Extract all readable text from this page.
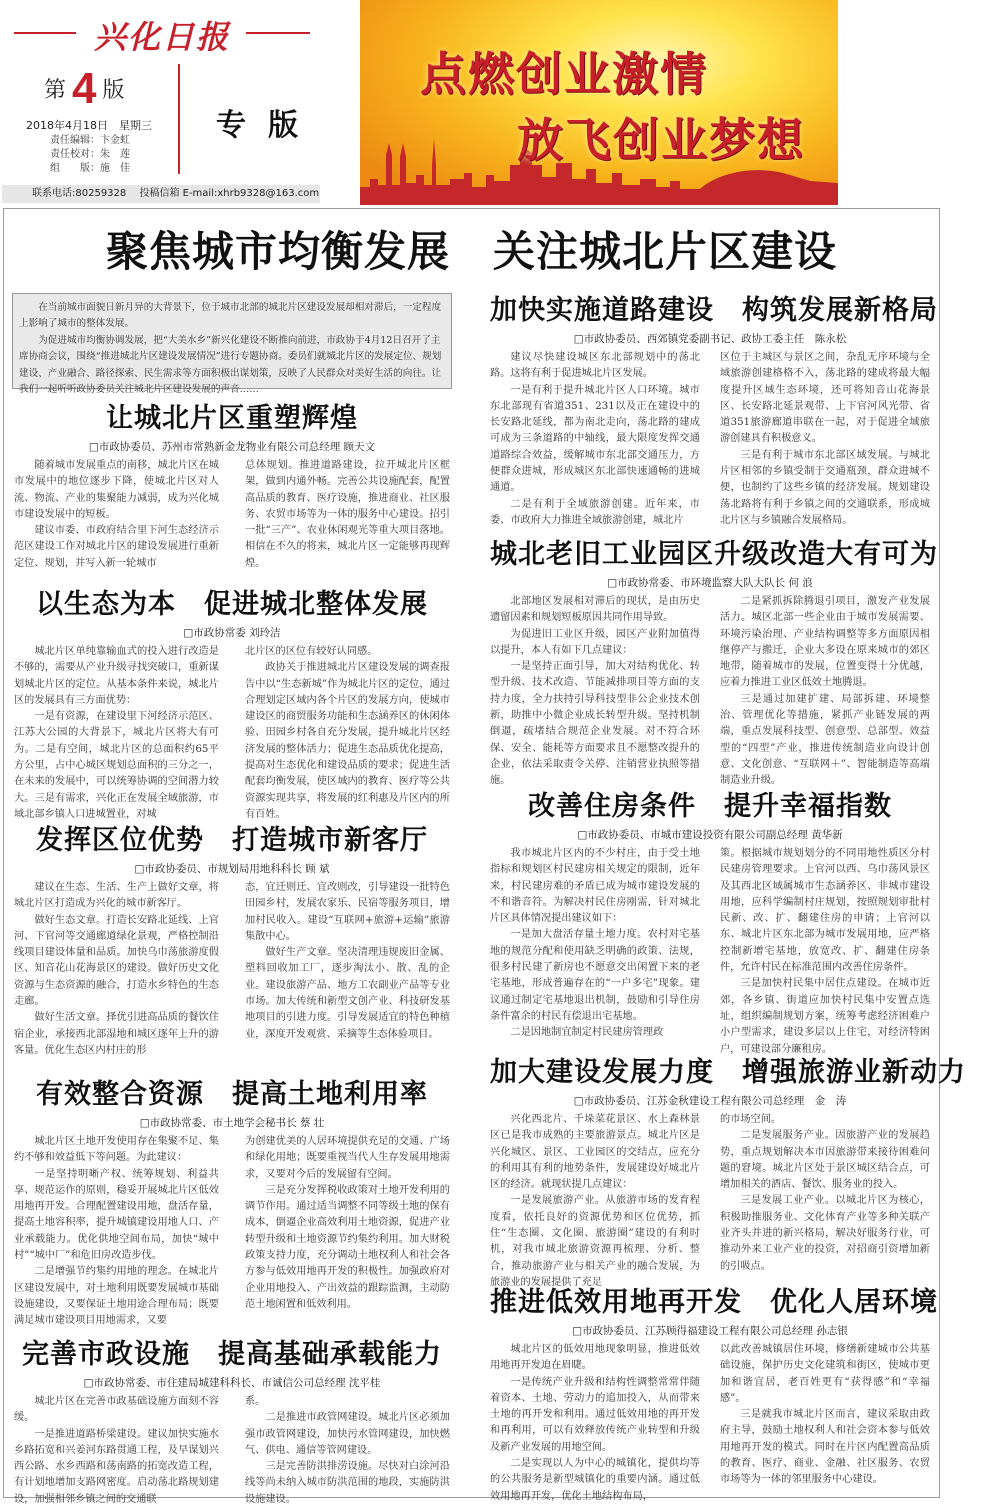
兴化日报
第 4 版
2018年4月18日　星期三
责任编辑：卞金虹
责任校对：朱　莲
组　　版：施　佳
专版
联系电话:80259328　 投稿信箱 E-mail:xhrb9328@163.com
点燃创业激情
放飞创业梦想
聚焦城市均衡发展　关注城北片区建设

在当前城市面貌日新月异的大背景下，位于城市北部的城北片区建设发展却相对滞后，一定程度上影响了城市的整体发展。

为促进城市均衡协调发展，把“大美水乡”新兴化建设不断推向前进，市政协于4月12日召开了主席协商会议，围绕“推进城北片区建设发展情况”进行专题协商。委员们就城北片区的发展定位、规划建设、产业融合、路径探索、民生需求等方面积极出谋划策，反映了人民群众对美好生活的向往。让我们一起听听政协委员关注城北片区建设发展的声音……

让城北片区重塑辉煌
□市政协委员、苏州市常熟新金龙物业有限公司总经理 顾天文

随着城市发展重点的南移，城北片区在城市发展中的地位逐步下降，使城北片区对人流、物流、产业的集聚能力减弱，成为兴化城市建设发展中的短板。

建议市委、市政府结合里下河生态经济示范区建设工作对城北片区的建设发展进行重新定位、规划，并写入新一轮城市

总体规划。推进道路建设，拉开城北片区框架，做到内通外畅。完善公共设施配套，配置高品质的教育、医疗设施，推进商业、社区服务、农贸市场等为一体的服务中心建设。招引一批“三产”、农业休闲观光等重大项目落地。相信在不久的将来，城北片区一定能够再现辉煌。

以生态为本　促进城北整体发展
□市政协常委 刘玲洁

城北片区单纯靠输血式的投入进行改造是不够的，需要从产业升级寻找突破口，重新谋划城北片区的定位。从基本条件来说，城北片区的发展具有三方面优势：

一是有资源，在建设里下河经济示范区、江苏大公园的大背景下，城北片区将大有可为。二是有空间，城北片区的总面积约65平方公里，占中心城区规划总面积的三分之一，在未来的发展中，可以统筹协调的空间潜力较大。三是有需求，兴化正在发展全域旅游，市域北部乡镇人口进城置业，对城

北片区的区位有较好认同感。

政协关于推进城北片区建设发展的调查报告中以“生态新城”作为城北片区的定位，通过合理划定区域内各个片区的发展方向，使城市建设区的商贸服务功能和生态涵养区的休闲体验、田园乡村各自充分发展，提升城北片区经济发展的整体活力；促进生态品质优化提高，提高对生态优化和建设品质的要求；促进生活配套均衡发展，使区域内的教育、医疗等公共资源实现共享，将发展的红利惠及片区内的所有百姓。

发挥区位优势　打造城市新客厅
□市政协委员、市规划局用地科科长 顾 斌

建议在生态、生活、生产上做好文章，将城北片区打造成为兴化的城市新客厅。

做好生态文章。打造长安路北延线、上官河、下官河等交通廊道绿化景观，严格控制沿线项目建设体量和品质。加快乌巾荡旅游度假区、知音花山花海景区的建设。做好历史文化资源与生态资源的融合，打造水乡特色的生态走廊。

做好生活文章。择优引进高品质的餐饮住宿企业，承接西北部湿地和城区逐年上升的游客量。优化生态区内村庄的形

态，宜迁则迁、宜改则改，引导建设一批特色田园乡村，发展农家乐、民宿等服务项目，增加村民收入。建设“互联网+旅游+运输”旅游集散中心。

做好生产文章。坚决清理违规废旧金属、塑料回收加工厂，逐步淘汰小、散、乱的企业。建设旅游产品、地方工农副业产品等专业市场。加大传统和新型文创产业、科技研发基地项目的引进力度。引导发展适宜的特色种植业，深度开发观赏、采摘等生态体验项目。

有效整合资源　提高土地利用率
□市政协常委、市土地学会秘书长 蔡 壮

城北片区土地开发使用存在集聚不足、集约不够和效益低下等问题。为此建议：

一是坚持明晰产权、统筹规划、利益共享、规范运作的原则，稳妥开展城北片区低效用地再开发。合理配置建设用地，盘活存量，提高土地容积率，提升城镇建设用地人口、产业承载能力。优化供地空间布局，加快“城中村”“城中厂”和危旧房改造步伐。

二是增强节约集约用地的理念。在城北片区建设发展中，对土地利用既要发展城市基础设施建设，又要保证土地用途合理布局；既要满足城市建设项目用地需求，又要

为创建优美的人居环境提供充足的交通、广场和绿化用地；既要重视当代人生存发展用地需求，又要对今后的发展留有空间。

三是充分发挥税收政策对土地开发利用的调节作用。通过适当调整不同等级土地的保有成本，倒逼企业高效利用土地资源，促进产业转型升级和土地资源节约集约利用。加大财税政策支持力度，充分调动土地权利人和社会各方参与低效用地再开发的积极性。加强政府对企业用地投入、产出效益的跟踪监测，主动防范土地闲置和低效利用。

完善市政设施　提高基础承载能力
□市政协常委、市住建局城建科科长、市诚信公司总经理 沈平桂

城北片区在完善市政基础设施方面刻不容缓。

一是推进道路桥梁建设。建议加快实施水乡路拓宽和兴姜河东路贯通工程，及早谋划兴西公路、水乡西路和荡南路的拓宽改造工程，有计划地增加支路网密度。启动荡北路规划建设，加强相邻乡镇之间的交通联

系。

二是推进市政管网建设。城北片区必须加强市政管网建设，加快污水管网建设，加快燃气、供电、通信等管网建设。

三是完善防洪排涝设施。尽快对白涂河沿线等尚未纳入城市防洪范围的地段，实施防洪设施建设。

加快实施道路建设　构筑发展新格局
□市政协委员、西郊镇党委副书记、政协工委主任　陈永松

建议尽快建设城区东北部规划中的荡北路。这将有利于促进城北片区发展。

一是有利于提升城北片区人口环境。城市东北部现有省道351、231以及正在建设中的长安路北延线，都为南北走向，荡北路的建成可成为三条道路的中轴线，最大限度发挥交通道路综合效益，缓解城市东北部交通压力，方便群众进城，形成城区东北部快速通畅的进城通道。

二是有利于全域旅游创建。近年来，市委、市政府大力推进全域旅游创建，城北片

区位于主城区与景区之间，杂乱无序环境与全域旅游创建格格不入，荡北路的建成将最大幅度提升区域生态环境，还可将知音山花海景区、长安路北延景观带、上下官河风光带、省道351旅游廊道串联在一起，对于促进全域旅游创建具有积极意义。

三是有利于城市东北部区域发展。与城北片区相邻的乡镇受制于交通瓶颈，群众进城不便，也制约了这些乡镇的经济发展。规划建设荡北路将有利于乡镇之间的交通联系，形成城北片区与乡镇融合发展格局。

城北老旧工业园区升级改造大有可为
□市政协常委、市环境监察大队大队长 何 浪

北部地区发展相对滞后的现状，是由历史遗留因素和规划短板原因共同作用导致。

为促进旧工业区升级，园区产业附加值得以提升，本人有如下几点建议：

一是坚持正面引导，加大对结构优化、转型升级、技术改造、节能减排项目等方面的支持力度，全力扶持引导科技型非公企业技术创新，助推中小微企业成长转型升级。坚持机制倒逼，疏堵结合规范企业发展。对不符合环保、安全、能耗等方面要求且不愿整改提升的企业，依法采取责令关停、注销营业执照等措施。

二是紧抓拆除腾退引项目，激发产业发展活力。城区北部一些企业由于城市发展需要、环境污染治理、产业结构调整等多方面原因相继停产与搬迁，企业大多设在原来城市的郊区地带，随着城市的发展，位置变得十分优越，应着力推进工业区低效土地腾退。

三是通过加建扩建、局部拆建、环境整治、管理优化等措施，紧抓产业链发展的两端，重点发展科技型、创意型、总部型、效益型的“四型”产业，推进传统制造业向设计创意、文化创意、“互联网＋”、智能制造等高端制造业升级。

改善住房条件　提升幸福指数
□市政协委员、市城市建设投资有限公司副总经理 黄华新

我市城北片区内的不少村庄，由于受土地指标和规划区村民建房相关规定的限制，近年来，村民建房难的矛盾已成为城市建设发展的不和谐音符。为解决村民住房刚需，针对城北片区具体情况提出建议如下：

一是加大盘活存量土地力度。农村对宅基地的规范分配和使用缺乏明确的政策、法规，很多村民建了新房也不愿意交出闲置下来的老宅基地，形成普遍存在的“一户多宅”现象。建议通过制定宅基地退出机制，鼓励和引导住房条件富余的村民有偿退出宅基地。

二是因地制宜制定村民建房管理政

策。根据城市规划划分的不同用地性质区分村民建房管理要求。上官河以西、乌巾荡风景区及其西北区域属城市生态涵养区、非城市建设用地，应科学编制村庄规划，按照规划审批村民新、改、扩、翻建住房的申请；上官河以东、城北片区东北部为城市发展用地，应严格控制新增宅基地，放宽改、扩、翻建住房条件，允许村民在标准范围内改善住房条件。

三是加快村民集中居住点建设。在城市近郊，各乡镇、街道应加快村民集中安置点选址，组织编制规划方案，统筹考虑经济困难户小户型需求，建设多层以上住宅，对经济特困户，可建设部分廉租房。

加大建设发展力度　增强旅游业新动力
□市政协委员、江苏金秋建设工程有限公司总经理　金　涛

兴化西北片、千垛菜花景区、水上森林景区已是我市成熟的主要旅游景点。城北片区是兴化城区、景区、工业园区的交结点，应充分的利用其有利的地势条件，发展建设好城北片区的经济。就现状提几点建议：

一是发展旅游产业。从旅游市场的发育程度看，依托良好的资源优势和区位优势，抓住“生态圈、文化圈、旅游圈”建设的有利时机，对我市城北旅游资源再梳理、分析、整合，推动旅游产业与相关产业的融合发展，为旅游业的发展提供了充足

的市场空间。

二是发展服务产业。因旅游产业的发展趋势，重点规划解决本市因旅游带来接待困难问题的窘境。城北片区处于景区城区结合点，可增加相关的酒店、餐饮、服务业的投入。

三是发展工业产业。以城北片区为核心，积极助推服务业、文化体育产业等多种关联产业齐头并进的新兴格局，解决好服务行业，可推动外来工业产业的投资，对招商引资增加新的引吸点。

推进低效用地再开发　优化人居环境
□市政协委员、江苏顾得福建设工程有限公司总经理 孙志银

城北片区的低效用地现象明显，推进低效用地再开发迫在眉睫。

一是传统产业升级和结构性调整常常伴随着资本、土地、劳动力的追加投入，从而带来土地的再开发和利用。通过低效用地的再开发和再利用，可以有效释放传统产业转型和升级及新产业发展的用地空间。

二是实现以人为中心的城镇化，提供均等的公共服务是新型城镇化的重要内涵。通过低效用地再开发，优化土地结构布局，

以此改善城镇居住环境，修缮新建城市公共基础设施，保护历史文化建筑和街区，使城市更加和谐宜居，老百姓更有“获得感”和“幸福感”。

三是就我市城北片区而言，建议采取由政府主导，鼓励土地权利人和社会资本参与低效用地再开发的模式。同时在片区内配置高品质的教育、医疗、商业、金融、社区服务、农贸市场等为一体的邻里服务中心建设。
